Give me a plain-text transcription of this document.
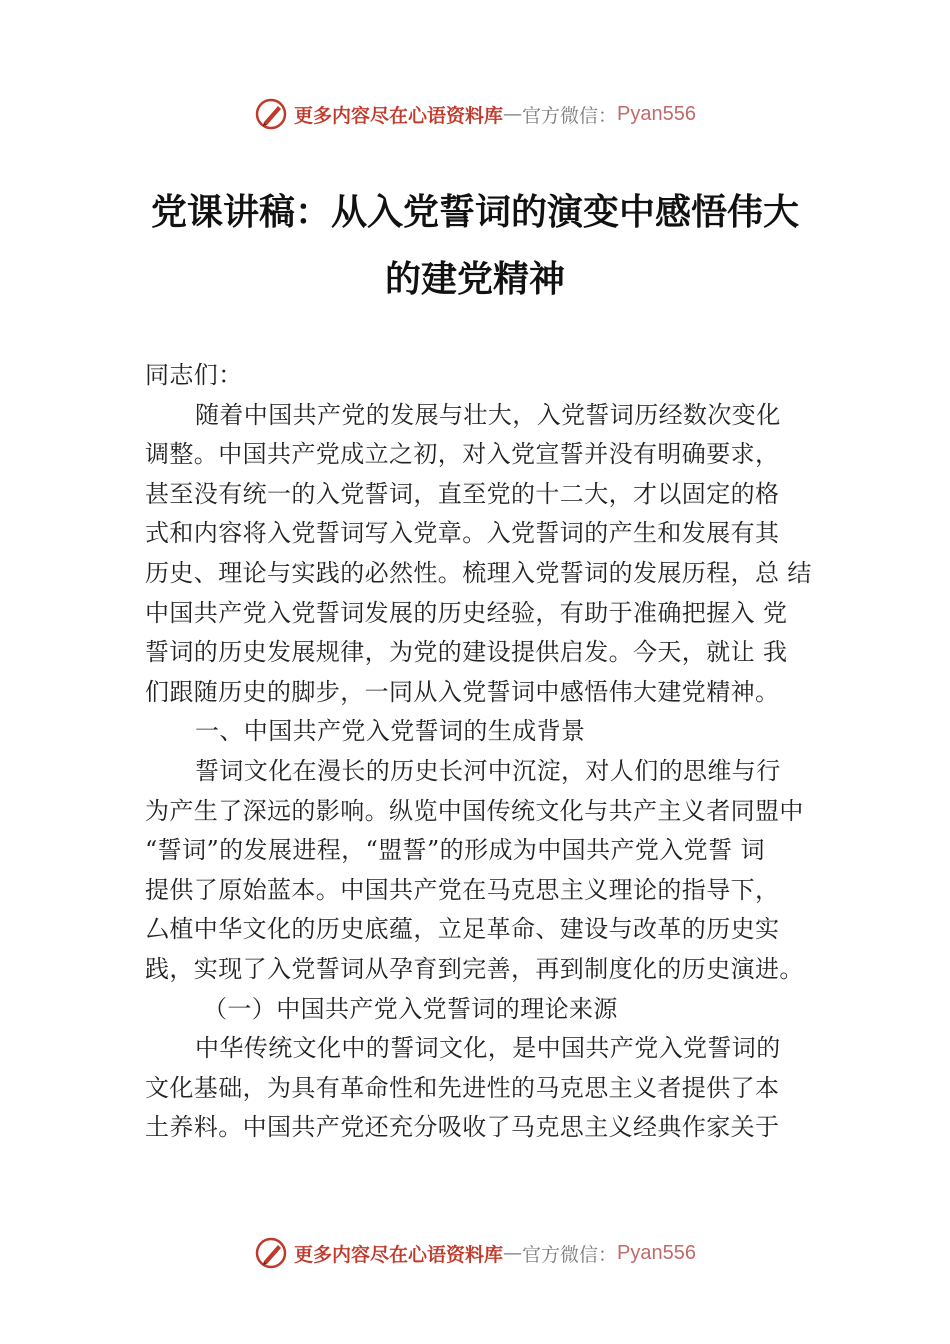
更多内容尽在心语资料库 — 官方微信： Pyan556
党课讲稿：从入党誓词的演变中感悟伟大
的建党精神
同志们：
随着中国共产党的发展与壮大，入党誓词历经数次变化
调整。中国共产党成立之初，对入党宣誓并没有明确要求，
甚至没有统一的入党誓词，直至党的十二大，才以固定的格
式和内容将入党誓词写入党章。入党誓词的产生和发展有其
历史、理论与实践的必然性。梳理入党誓词的发展历程，总 结
中国共产党入党誓词发展的历史经验，有助于准确把握入 党
誓词的历史发展规律，为党的建设提供启发。今天，就让 我
们跟随历史的脚步，一同从入党誓词中感悟伟大建党精神。
一、中国共产党入党誓词的生成背景
誓词文化在漫长的历史长河中沉淀，对人们的思维与行
为产生了深远的影响。纵览中国传统文化与共产主义者同盟中
“誓词”的发展进程，“盟誓”的形成为中国共产党入党誓 词
提供了原始蓝本。中国共产党在马克思主义理论的指导下，
厶植中华文化的历史底蕴，立足革命、建设与改革的历史实
践，实现了入党誓词从孕育到完善，再到制度化的历史演进。
（一）中国共产党入党誓词的理论来源
中华传统文化中的誓词文化，是中国共产党入党誓词的
文化基础，为具有革命性和先进性的马克思主义者提供了本
土养料。中国共产党还充分吸收了马克思主义经典作家关于
更多内容尽在心语资料库 — 官方微信： Pyan556
